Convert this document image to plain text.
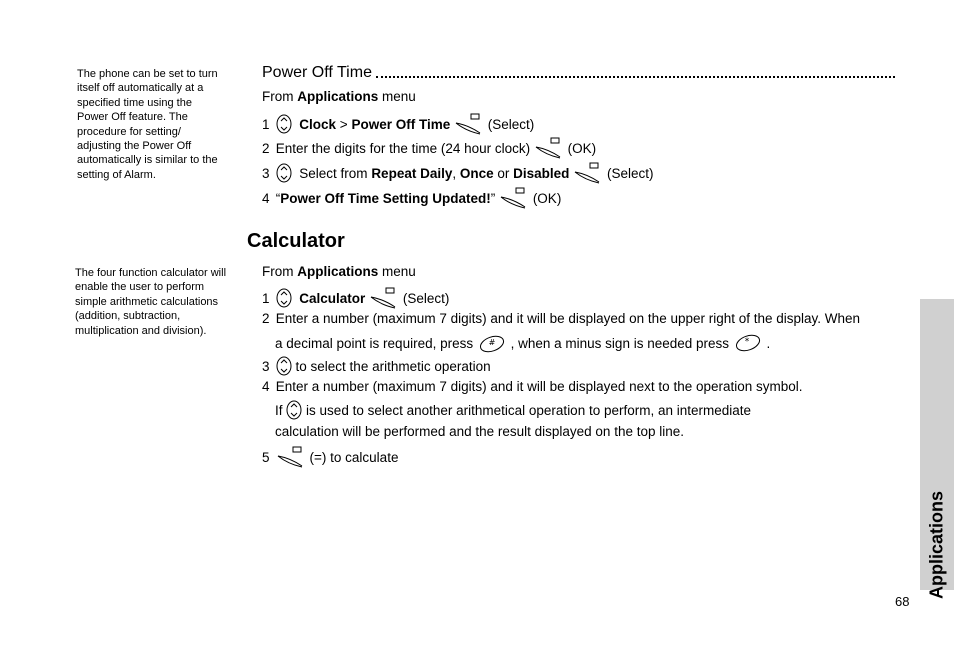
The phone can be set to turn
itself off automatically at a
specified time using the
Power Off feature. The
procedure for setting/
adjusting the Power Off
automatically is similar to the
setting of Alarm.
The four function calculator will
enable the user to perform
simple arithmetic calculations
(addition, subtraction,
multiplication and division).
Power Off Time
From Applications menu
1 Clock > Power Off Time	(Select)
2 Enter the digits for the time (24 hour clock)	(OK)
3 Select from Repeat Daily, Once or Disabled	(Select)
4 “Power Off Time Setting Updated!”	(OK)
Calculator
From Applications menu
1 Calculator	(Select)
2 Enter a number (maximum 7 digits) and it will be displayed on the upper right of the display. When
a decimal point is required, press # , when a minus sign is needed press * .
3 to select the arithmetic operation
4 Enter a number (maximum 7 digits) and it will be displayed next to the operation symbol.
If is used to select another arithmetical operation to perform, an intermediate
calculation will be performed and the result displayed on the top line.
5	(=) to calculate
Applications
68
